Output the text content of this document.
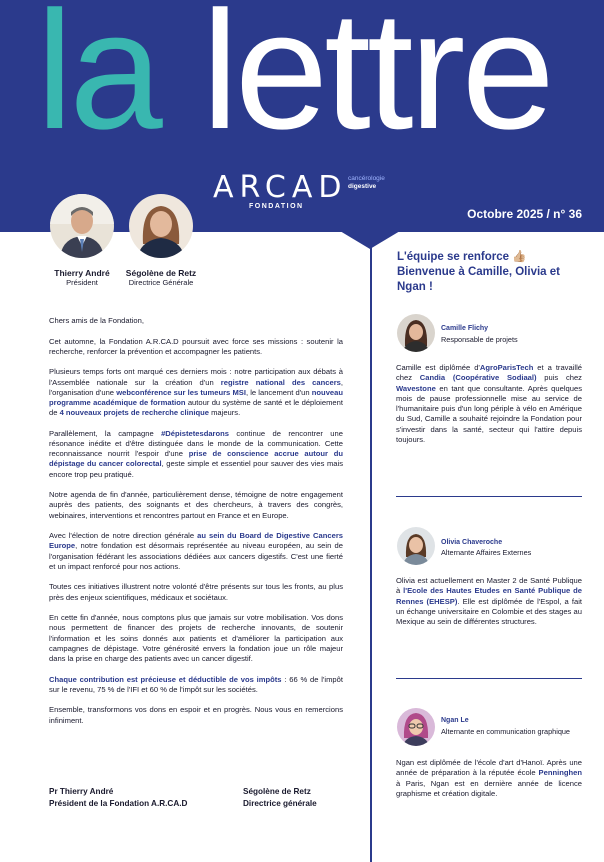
la lettre
ARCAD
FONDATION
cancérologie
digestive
Octobre 2025 / n° 36
Thierry André
Président
Ségolène de Retz
Directrice Générale

Chers amis de la Fondation,

Cet automne, la Fondation A.R.CA.D poursuit avec force ses missions : soutenir la recherche, renforcer la prévention et accompagner les patients.

Plusieurs temps forts ont marqué ces derniers mois : notre participation aux débats à l'Assemblée nationale sur la création d'un registre national des cancers, l'organisation d'une webconférence sur les tumeurs MSI, le lancement d'un nouveau programme académique de formation autour du système de santé et le déploiement de 4 nouveaux projets de recherche clinique majeurs.

Parallèlement, la campagne #Dépistetesdarons continue de rencontrer une résonance inédite et d'être distinguée dans le monde de la communication. Cette reconnaissance nourrit l'espoir d'une prise de conscience accrue autour du dépistage du cancer colorectal, geste simple et essentiel pour sauver des vies mais encore trop peu pratiqué.

Notre agenda de fin d'année, particulièrement dense, témoigne de notre engagement auprès des patients, des soignants et des chercheurs, à travers des congrès, webinaires, interventions et rencontres partout en France et en Europe.

Avec l'élection de notre direction générale au sein du Board de Digestive Cancers Europe, notre fondation est désormais représentée au niveau européen, au sein de l'organisation fédérant les associations dédiées aux cancers digestifs. C'est une fierté et un impact renforcé pour nos actions.

Toutes ces initiatives illustrent notre volonté d'être présents sur tous les fronts, au plus près des enjeux scientifiques, médicaux et sociétaux.

En cette fin d'année, nous comptons plus que jamais sur votre mobilisation. Vos dons nous permettent de financer des projets de recherche innovants, de soutenir l'information et les soins donnés aux patients et d'améliorer la participation aux campagnes de dépistage. Votre générosité envers la fondation joue un rôle majeur dans la prise en charge des patients avec un cancer digestif.

Chaque contribution est précieuse et déductible de vos impôts : 66 % de l'impôt sur le revenu, 75 % de l'IFI et 60 % de l'impôt sur les sociétés.

Ensemble, transformons vos dons en espoir et en progrès. Nous vous en remercions infiniment.

Pr Thierry André
Président de la Fondation A.R.CA.D
Ségolène de Retz
Directrice générale
L'équipe se renforce 👍🏼
Bienvenue à Camille, Olivia et Ngan !
Camille Flichy
Responsable de projets
Camille est diplômée d'AgroParisTech et a travaillé chez Candia (Coopérative Sodiaal) puis chez Wavestone en tant que consultante. Après quelques mois de pause professionnelle mise au service de l'humanitaire puis d'un long périple à vélo en Amérique du Sud, Camille a souhaité rejoindre la Fondation pour s'investir dans la santé, secteur qui l'attire depuis toujours.
Olivia Chaveroche
Alternante Affaires Externes
Olivia est actuellement en Master 2 de Santé Publique à l'Ecole des Hautes Etudes en Santé Publique de Rennes (EHESP). Elle est diplômée de l'Espol, a fait un échange universitaire en Colombie et des stages au Mexique au sein de différentes structures.
Ngan Le
Alternante en communication graphique
Ngan est diplômée de l'école d'art d'Hanoï. Après une année de préparation à la réputée école Penninghen à Paris, Ngan est en dernière année de licence graphisme et création digitale.
